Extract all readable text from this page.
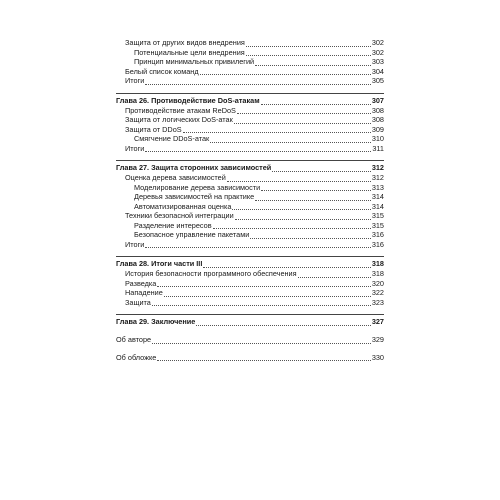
Защита от других видов внедрения	302
Потенциальные цели внедрения	302
Принцип минимальных привилегий	303
Белый список команд	304
Итоги	305
Глава 26. Противодействие DoS-атакам	307
Противодействие атакам ReDoS	308
Защита от логических DoS-атак	308
Защита от DDoS	309
Смягчение DDoS-атак	310
Итоги	311
Глава 27. Защита сторонних зависимостей	312
Оценка дерева зависимостей	312
Моделирование дерева зависимости	313
Деревья зависимостей на практике	314
Автоматизированная оценка	314
Техники безопасной интеграции	315
Разделение интересов	315
Безопасное управление пакетами	316
Итоги	316
Глава 28. Итоги части III	318
История безопасности программного обеспечения	318
Разведка	320
Нападение	322
Защита	323
Глава 29. Заключение	327
Об авторе	329
Об обложке	330
